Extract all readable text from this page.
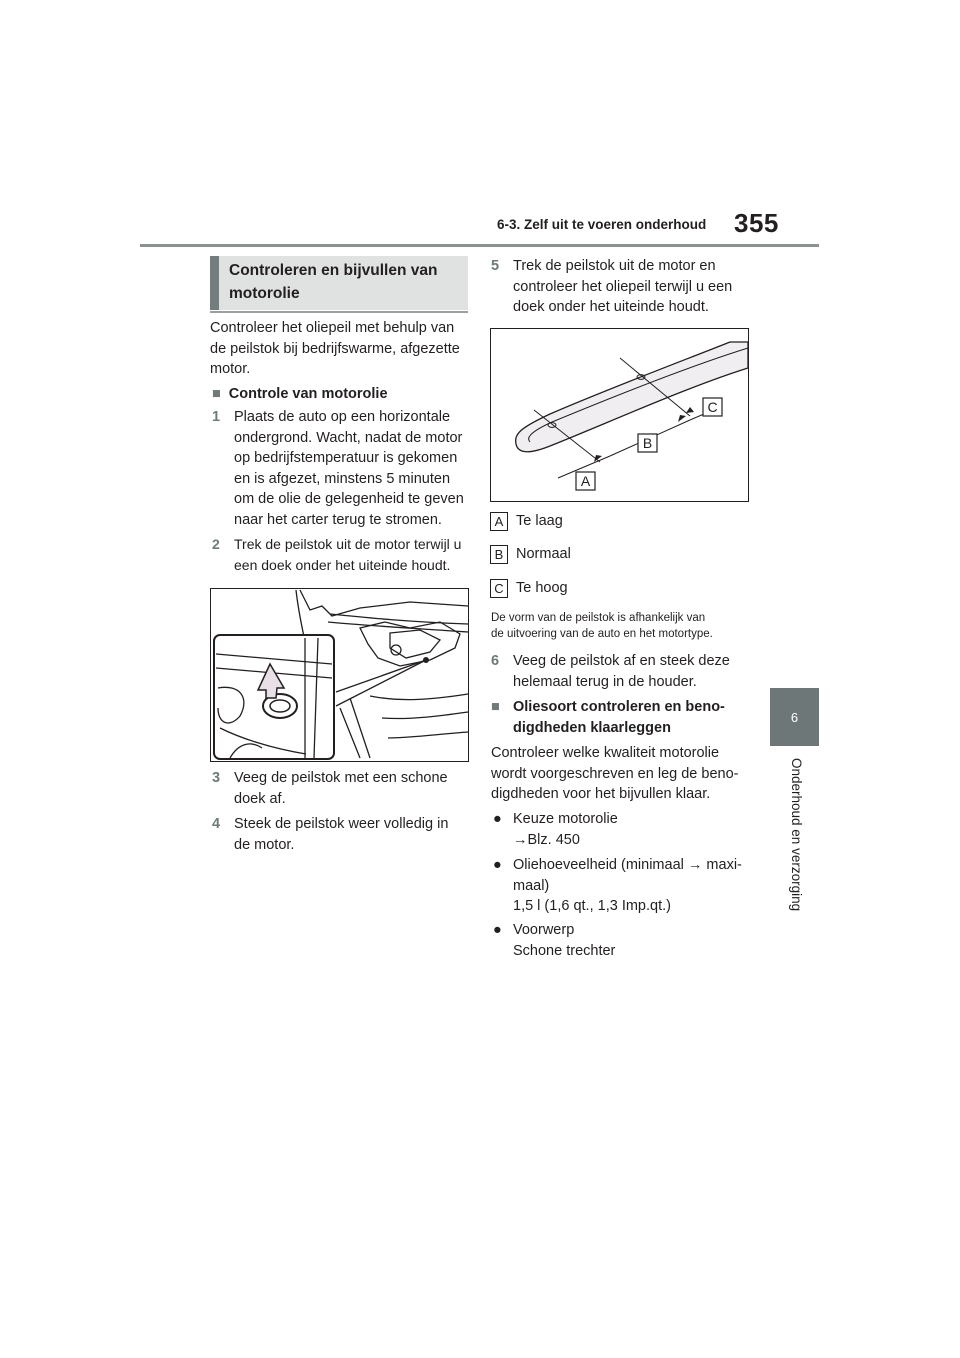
6-3. Zelf uit te voeren onderhoud 355
6
Onderhoud en verzorging
Controleren en bijvullen van motorolie

Controleer het oliepeil met behulp van

de peilstok bij bedrijfswarme, afgezette

motor.

■ Controle van motorolie
1 Plaats de auto op een horizontale

ondergrond. Wacht, nadat de motor

op bedrijfstemperatuur is gekomen

en is afgezet, minstens 5 minuten

om de olie de gelegenheid te geven

naar het carter terug te stromen.

2 Trek de peilstok uit de motor terwijl u

een doek onder het uiteinde houdt.

3 Veeg de peilstok met een schone

doek af.

4 Steek de peilstok weer volledig in

de motor.

5 Trek de peilstok uit de motor en

controleer het oliepeil terwijl u een

doek onder het uiteinde houdt.

C
B
A
A Te laag
B Normaal
C Te hoog

De vorm van de peilstok is afhankelijk van

de uitvoering van de auto en het motortype.

6 Veeg de peilstok af en steek deze

helemaal terug in de houder.

■ Oliesoort controleren en beno-

digdheden klaarleggen

Controleer welke kwaliteit motorolie

wordt voorgeschreven en leg de beno-

digdheden voor het bijvullen klaar.

● Keuze motorolie

→Blz. 450

● Oliehoeveelheid (minimaal → maxi-

maal)

1,5 l (1,6 qt., 1,3 Imp.qt.)

● Voorwerp

Schone trechter
